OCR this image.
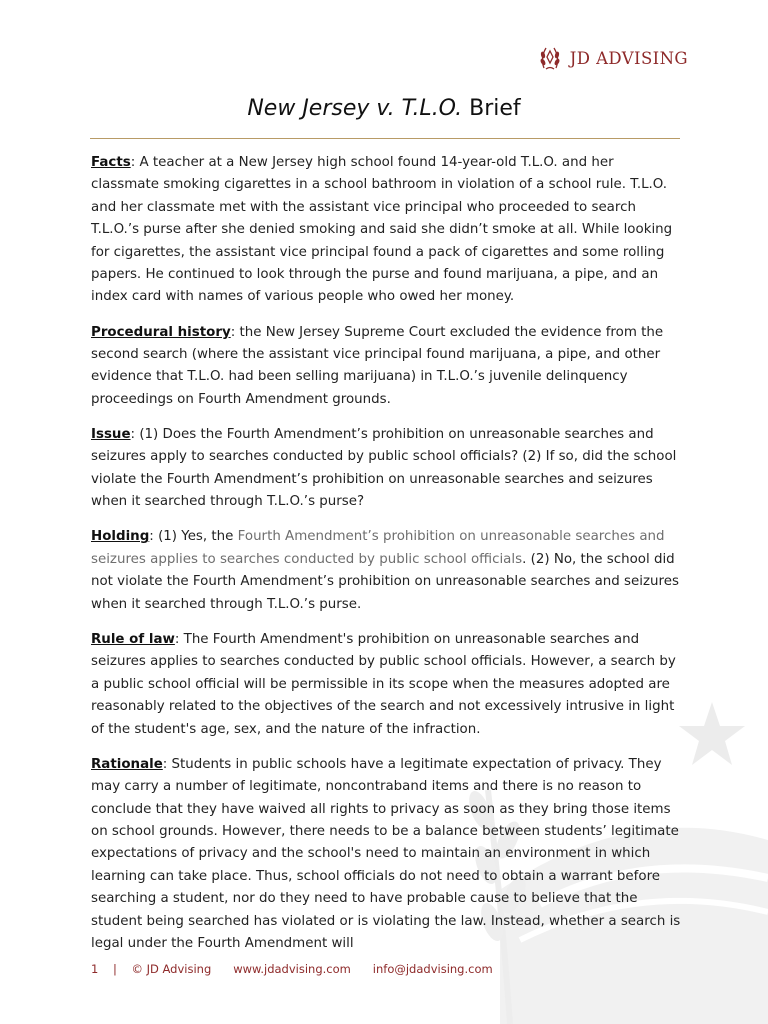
JD ADVISING
New Jersey v. T.L.O. Brief

Facts: A teacher at a New Jersey high school found 14-year-old T.L.O. and her classmate smoking cigarettes in a school bathroom in violation of a school rule. T.L.O. and her classmate met with the assistant vice principal who proceeded to search T.L.O.’s purse after she denied smoking and said she didn’t smoke at all. While looking for cigarettes, the assistant vice principal found a pack of cigarettes and some rolling papers. He continued to look through the purse and found marijuana, a pipe, and an index card with names of various people who owed her money.

Procedural history: the New Jersey Supreme Court excluded the evidence from the second search (where the assistant vice principal found marijuana, a pipe, and other evidence that T.L.O. had been selling marijuana) in T.L.O.’s juvenile delinquency proceedings on Fourth Amendment grounds.

Issue: (1) Does the Fourth Amendment’s prohibition on unreasonable searches and seizures apply to searches conducted by public school officials? (2) If so, did the school violate the Fourth Amendment’s prohibition on unreasonable searches and seizures when it searched through T.L.O.’s purse?

Holding: (1) Yes, the Fourth Amendment’s prohibition on unreasonable searches and seizures applies to searches conducted by public school officials. (2) No, the school did not violate the Fourth Amendment’s prohibition on unreasonable searches and seizures when it searched through T.L.O.’s purse.

Rule of law: The Fourth Amendment's prohibition on unreasonable searches and seizures applies to searches conducted by public school officials. However, a search by a public school official will be permissible in its scope when the measures adopted are reasonably related to the objectives of the search and not excessively intrusive in light of the student's age, sex, and the nature of the infraction.

Rationale: Students in public schools have a legitimate expectation of privacy. They may carry a number of legitimate, noncontraband items and there is no reason to conclude that they have waived all rights to privacy as soon as they bring those items on school grounds. However, there needs to be a balance between students’ legitimate expectations of privacy and the school's need to maintain an environment in which learning can take place. Thus, school officials do not need to obtain a warrant before searching a student, nor do they need to have probable cause to believe that the student being searched has violated or is violating the law. Instead, whether a search is legal under the Fourth Amendment will

1 | © JD Advising www.jdadvising.com info@jdadvising.com
